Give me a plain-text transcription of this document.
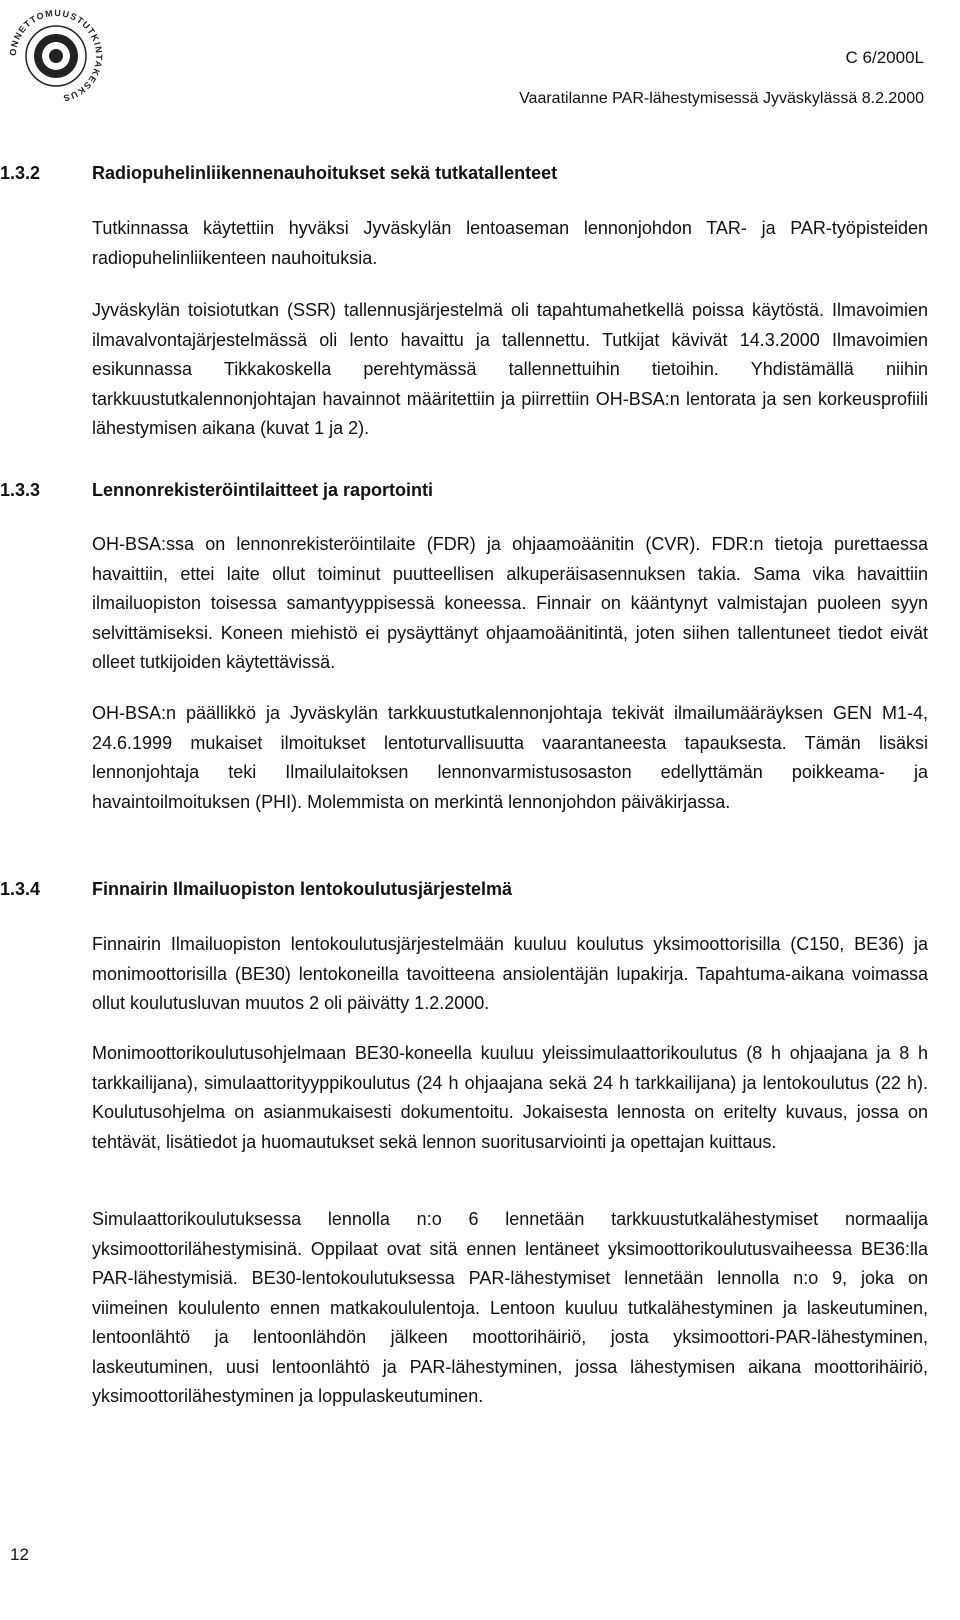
ONNETTOMUUSTUTKINTAKESKUS
C 6/2000L
Vaaratilanne PAR-lähestymisessä Jyväskylässä 8.2.2000
1.3.2	Radiopuhelinliikennenauhoitukset sekä tutkatallenteet
Tutkinnassa käytettiin hyväksi Jyväskylän lentoaseman lennonjohdon TAR- ja PAR-työpisteiden radiopuhelinliikenteen nauhoituksia.
Jyväskylän toisiotutkan (SSR) tallennusjärjestelmä oli tapahtumahetkellä poissa käytöstä. Ilmavoimien ilmavalvontajärjestelmässä oli lento havaittu ja tallennettu. Tutkijat kävivät 14.3.2000 Ilmavoimien esikunnassa Tikkakoskella perehtymässä tallennettuihin tietoihin. Yhdistämällä niihin tarkkuustutkalennonjohtajan havainnot määritettiin ja piirrettiin OH-BSA:n lentorata ja sen korkeusprofiili lähestymisen aikana (kuvat 1 ja 2).
1.3.3	Lennonrekisteröintilaitteet ja raportointi
OH-BSA:ssa on lennonrekisteröintilaite (FDR) ja ohjaamoäänitin (CVR). FDR:n tietoja purettaessa havaittiin, ettei laite ollut toiminut puutteellisen alkuperäisasennuksen takia. Sama vika havaittiin ilmailuopiston toisessa samantyyppisessä koneessa. Finnair on kääntynyt valmistajan puoleen syyn selvittämiseksi. Koneen miehistö ei pysäyttänyt ohjaamoäänitintä, joten siihen tallentuneet tiedot eivät olleet tutkijoiden käytettävissä.
OH-BSA:n päällikkö ja Jyväskylän tarkkuustutkalennonjohtaja tekivät ilmailumääräyksen GEN M1-4, 24.6.1999 mukaiset ilmoitukset lentoturvallisuutta vaarantaneesta tapauksesta. Tämän lisäksi lennonjohtaja teki Ilmailulaitoksen lennonvarmistusosaston edellyttämän poikkeama- ja havaintoilmoituksen (PHI). Molemmista on merkintä lennonjohdon päiväkirjassa.
1.3.4	Finnairin Ilmailuopiston lentokoulutusjärjestelmä
Finnairin Ilmailuopiston lentokoulutusjärjestelmään kuuluu koulutus yksimoottorisilla (C150, BE36) ja monimoottorisilla (BE30) lentokoneilla tavoitteena ansiolentäjän lupakirja. Tapahtuma-aikana voimassa ollut koulutusluvan muutos 2 oli päivätty 1.2.2000.
Monimoottorikoulutusohjelmaan BE30-koneella kuuluu yleissimulaattorikoulutus (8 h ohjaajana ja 8 h tarkkailijana), simulaattorityyppikoulutus (24 h ohjaajana sekä 24 h tarkkailijana) ja lentokoulutus (22 h). Koulutusohjelma on asianmukaisesti dokumentoitu. Jokaisesta lennosta on eritelty kuvaus, jossa on tehtävät, lisätiedot ja huomautukset sekä lennon suoritusarviointi ja opettajan kuittaus.
Simulaattorikoulutuksessa lennolla n:o 6 lennetään tarkkuustutkalähestymiset normaalija yksimoottorilähestymisinä. Oppilaat ovat sitä ennen lentäneet yksimoottorikoulutusvaiheessa BE36:lla PAR-lähestymisiä. BE30-lentokoulutuksessa PAR-lähestymiset lennetään lennolla n:o 9, joka on viimeinen koululento ennen matkakoululentoja. Lentoon kuuluu tutkalähestyminen ja laskeutuminen, lentoonlähtö ja lentoonlähdön jälkeen moottorihäiriö, josta yksimoottori-PAR-lähestyminen, laskeutuminen, uusi lentoonlähtö ja PAR-lähestyminen, jossa lähestymisen aikana moottorihäiriö, yksimoottorilähestyminen ja loppulaskeutuminen.
12
